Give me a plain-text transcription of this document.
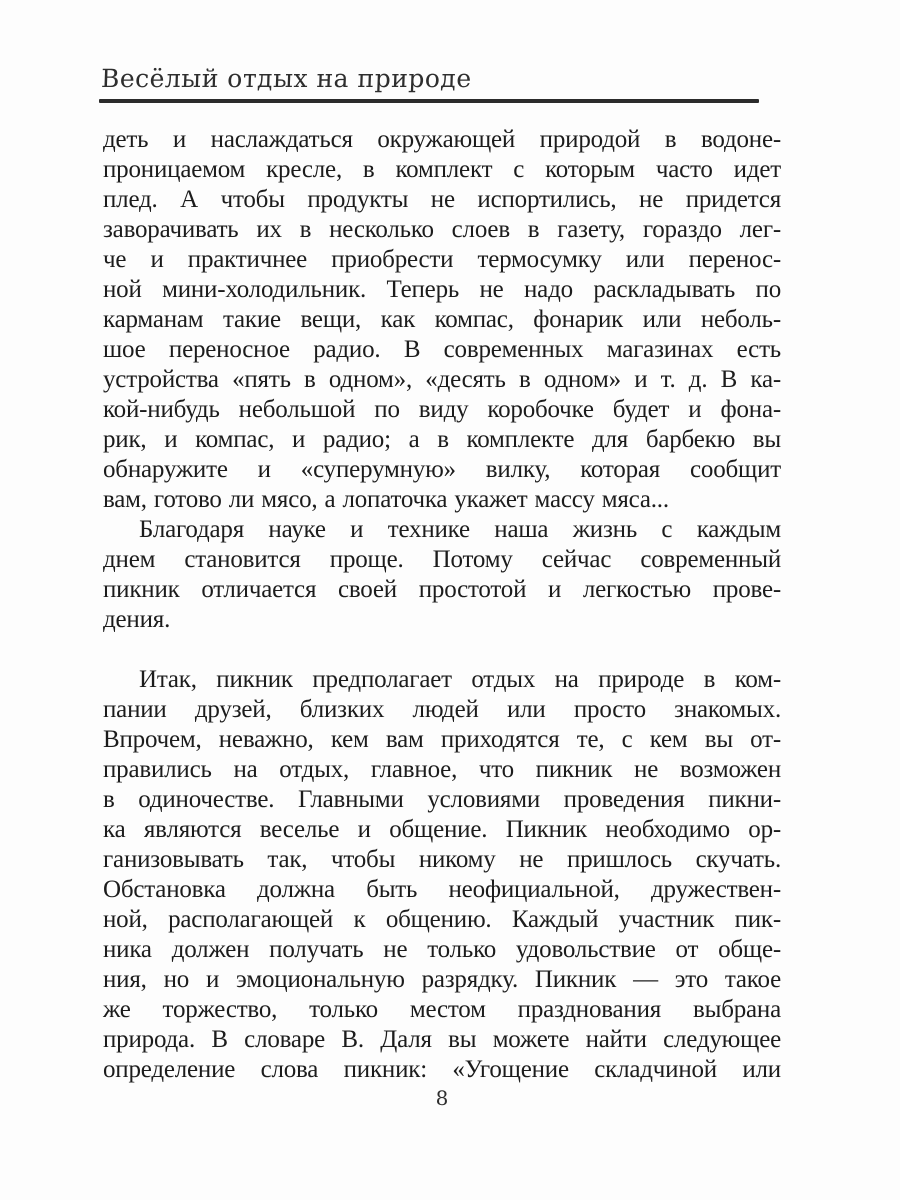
Весёлый отдых на природе
деть и наслаждаться окружающей природой в водоне-
проницаемом кресле, в комплект с которым часто идет
плед. А чтобы продукты не испортились, не придется
заворачивать их в несколько слоев в газету, гораздо лег-
че и практичнее приобрести термосумку или перенос-
ной мини-холодильник. Теперь не надо раскладывать по
карманам такие вещи, как компас, фонарик или неболь-
шое переносное радио. В современных магазинах есть
устройства «пять в одном», «десять в одном» и т. д. В ка-
кой-нибудь небольшой по виду коробочке будет и фона-
рик, и компас, и радио; а в комплекте для барбекю вы
обнаружите и «суперумную» вилку, которая сообщит
вам, готово ли мясо, а лопаточка укажет массу мяса...
Благодаря науке и технике наша жизнь с каждым
днем становится проще. Потому сейчас современный
пикник отличается своей простотой и легкостью прове-
дения.
Итак, пикник предполагает отдых на природе в ком-
пании друзей, близких людей или просто знакомых.
Впрочем, неважно, кем вам приходятся те, с кем вы от-
правились на отдых, главное, что пикник не возможен
в одиночестве. Главными условиями проведения пикни-
ка являются веселье и общение. Пикник необходимо ор-
ганизовывать так, чтобы никому не пришлось скучать.
Обстановка должна быть неофициальной, дружествен-
ной, располагающей к общению. Каждый участник пик-
ника должен получать не только удовольствие от обще-
ния, но и эмоциональную разрядку. Пикник — это такое
же торжество, только местом празднования выбрана
природа. В словаре В. Даля вы можете найти следующее
определение слова пикник: «Угощение складчиной или
8
